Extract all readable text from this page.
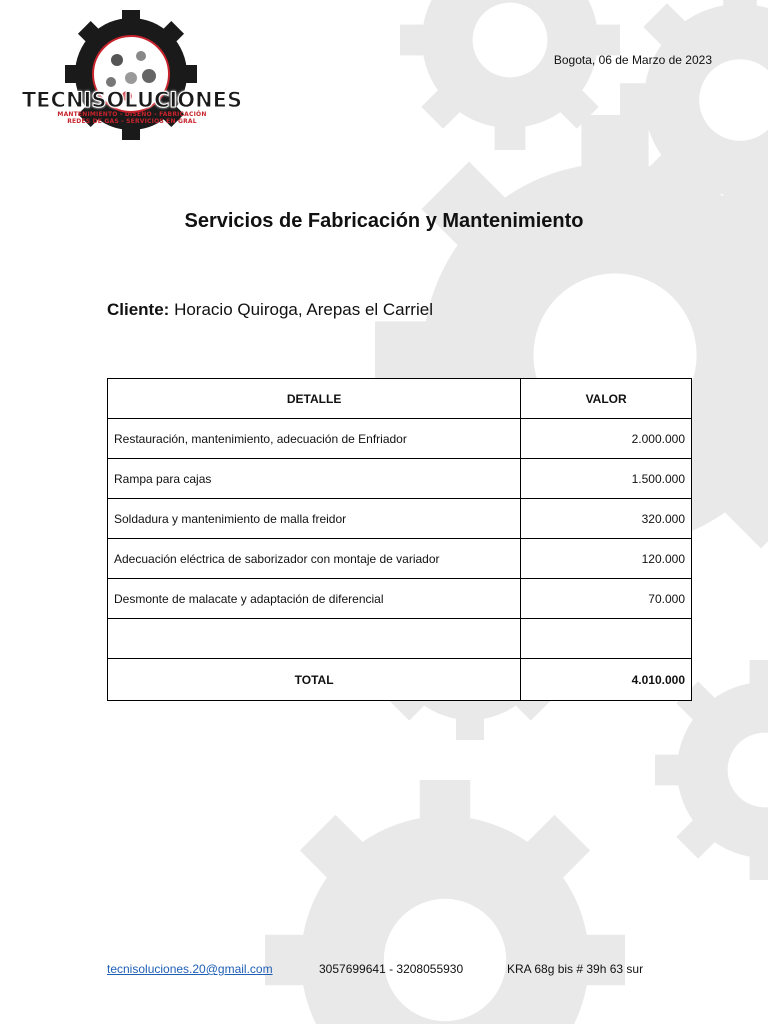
TECNISOLUCIONES
MANTENIMIENTO - DISEÑO - FABRICACIÓN
REDES DE GAS - SERVICIOS EN GRAL
Bogota, 06 de Marzo de 2023
Servicios de Fabricación y Mantenimiento
Cliente: Horacio Quiroga, Arepas el Carriel
DETALLE	VALOR
Restauración, mantenimiento, adecuación de Enfriador	2.000.000
Rampa para cajas	1.500.000
Soldadura y mantenimiento de malla freidor	320.000
Adecuación eléctrica de saborizador con montaje de variador	120.000
Desmonte de malacate y adaptación de diferencial	70.000

TOTAL	4.010.000
tecnisoluciones.20@gmail.com	3057699641 - 3208055930	KRA 68g bis # 39h 63 sur
